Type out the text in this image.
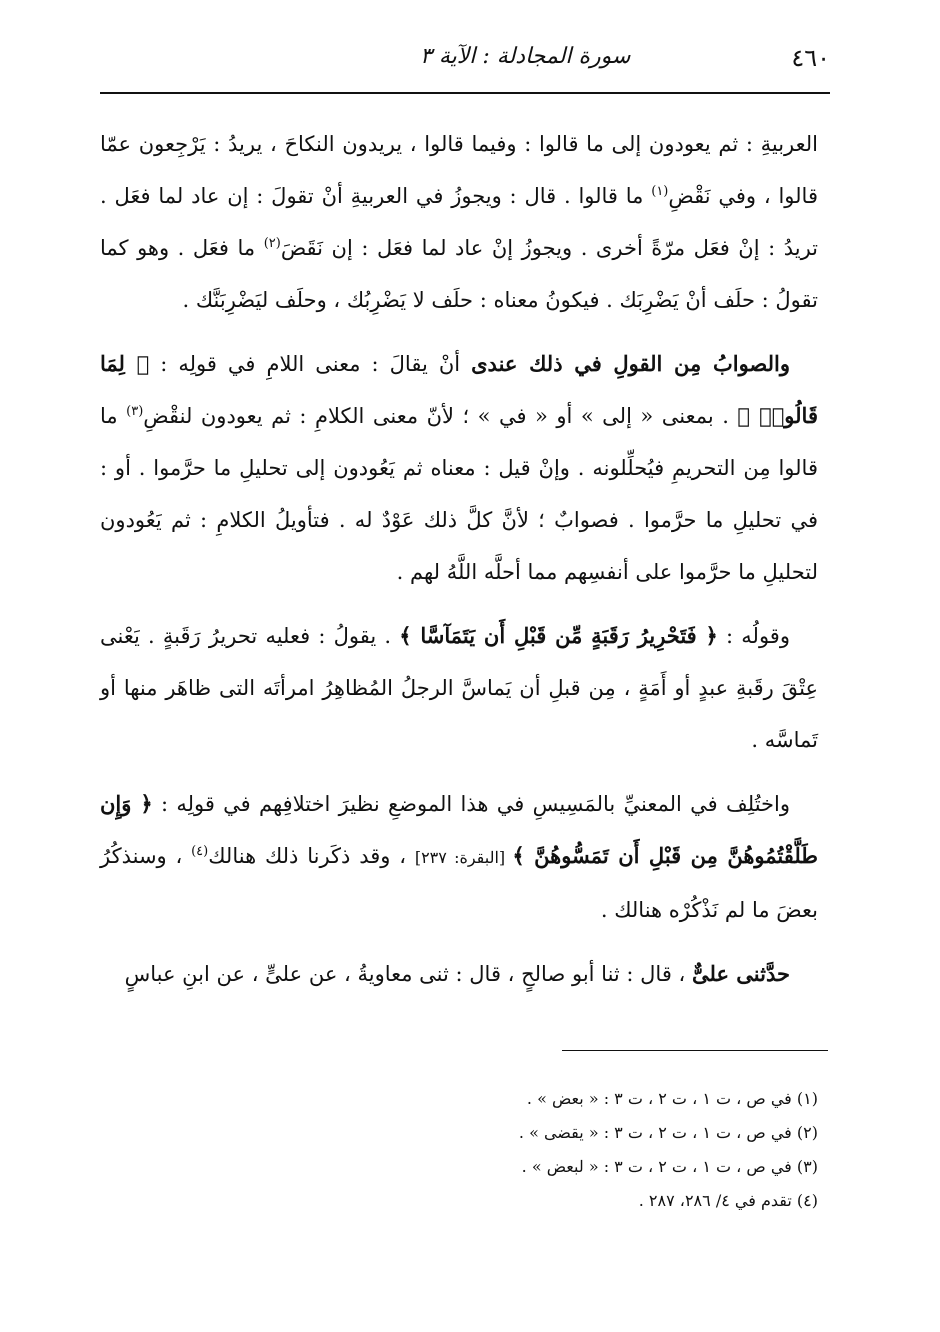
٤٦٠
سورة المجادلة : الآية ٣

العربيةِ : ثم يعودون إلى ما قالوا : وفيما قالوا ، يريدون النكاحَ ، يريدُ : يَرْجِعون عمّا قالوا ، وفي نَقْضِ$^{(١)}$ ما قالوا . قال : ويجوزُ في العربيةِ أنْ تقولَ : إن عاد لما فعَل . تريدُ : إنْ فعَل مرّةً أخرى . ويجوزُ إنْ عاد لما فعَل : إن نَقَضَ$^{(٢)}$ ما فعَل . وهو كما تقولُ : حلَف أنْ يَضْرِبَك . فيكونُ معناه : حلَف لا يَضْرِبُك ، وحلَف ليَضْرِبَنَّك .

والصوابُ مِن القولِ في ذلك عندى أنْ يقالَ : معنى اللامِ في قولِه : ﴿ لِمَا قَالُوا۟ ﴾ . بمعنى « إلى » أو « في » ؛ لأنّ معنى الكلامِ : ثم يعودون لنقْضِ$^{(٣)}$ ما قالوا مِن التحريمِ فيُحلِّلونه . وإنْ قيل : معناه ثم يَعُودون إلى تحليلِ ما حرَّموا . أو : في تحليلِ ما حرَّموا . فصوابٌ ؛ لأنَّ كلَّ ذلك عَوْدٌ له . فتأويلُ الكلامِ : ثم يَعُودون لتحليلِ ما حرَّموا على أنفسِهم مما أحلَّه اللَّهُ لهم .

وقولُه : ﴿ فَتَحْرِيرُ رَقَبَةٍ مِّن قَبْلِ أَن يَتَمَآسَّا ﴾ . يقولُ : فعليه تحريرُ رَقَبةٍ . يَعْنى عِتْقَ رقَبةِ عبدٍ أو أَمَةٍ ، مِن قبلِ أن يَماسَّ الرجلُ المُظاهِرُ امرأتَه التى ظاهَر منها أو تَماسَّه .

واختُلِف في المعنيِّ بالمَسِيسِ في هذا الموضعِ نظيرَ اختلافِهم في قولِه : ﴿ وَإِن طَلَّقْتُمُوهُنَّ مِن قَبْلِ أَن تَمَسُّوهُنَّ ﴾ [البقرة: ٢٣٧] ، وقد ذكَرنا ذلك هنالك$^{(٤)}$ ، وسنذكُرُ بعضَ ما لم نَذْكُرْه هنالك .

حدَّثنى علىٌّ ، قال : ثنا أبو صالحٍ ، قال : ثنى معاويةُ ، عن علىٍّ ، عن ابنِ عباسٍ

(١) في ص ، ت ١ ، ت ٢ ، ت ٣ : « بعض » .

(٢) في ص ، ت ١ ، ت ٢ ، ت ٣ : « يقضى » .

(٣) في ص ، ت ١ ، ت ٢ ، ت ٣ : « لبعض » .

(٤) تقدم في ٤/ ٢٨٦، ٢٨٧ .
